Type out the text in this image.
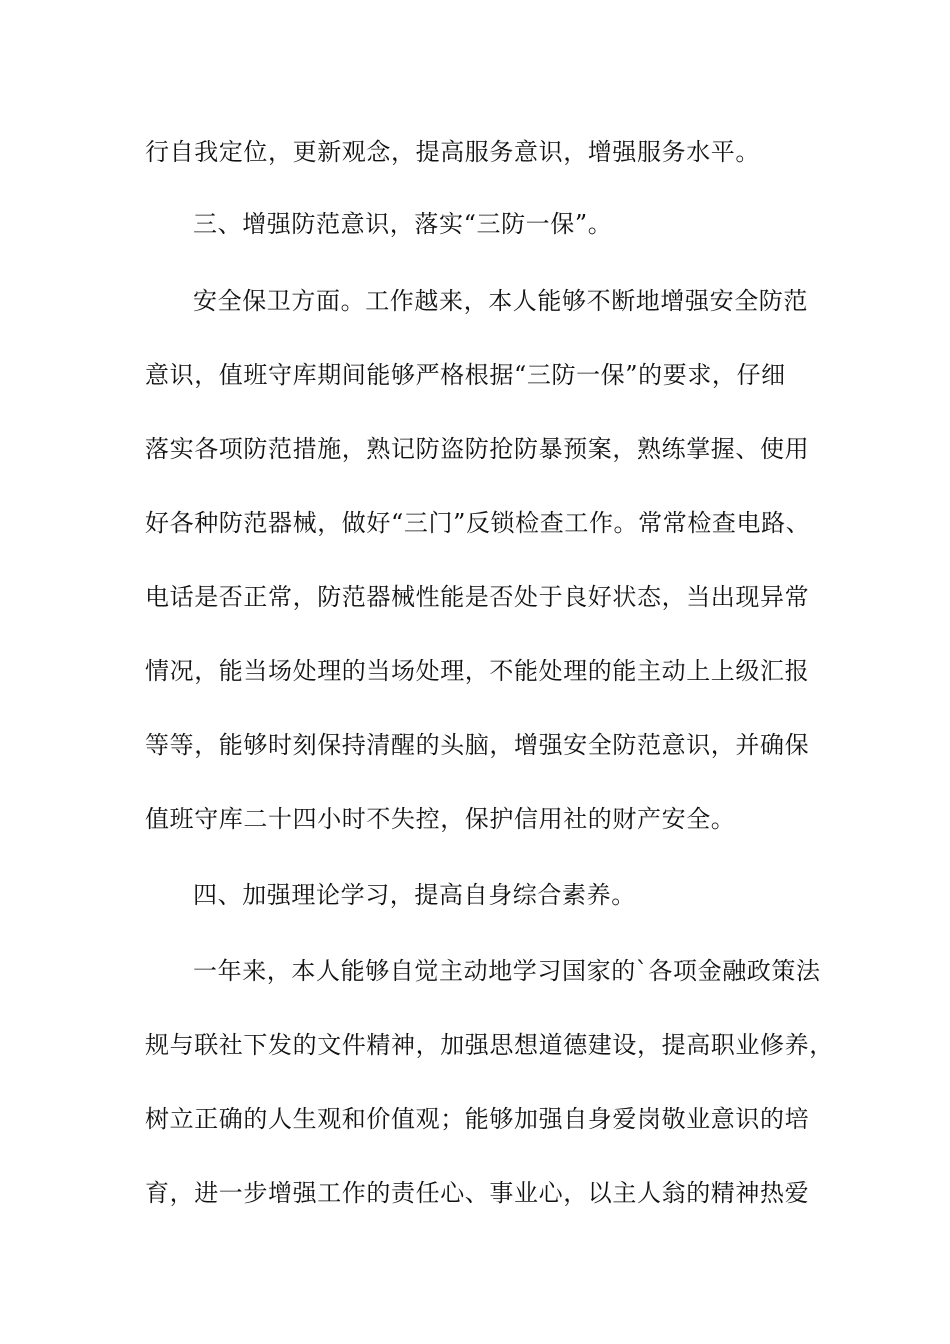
行自我定位，更新观念，提高服务意识，增强服务水平。
三、增强防范意识，落实“三防一保”。
安全保卫方面。工作越来，本人能够不断地增强安全防范
意识，值班守库期间能够严格根据“三防一保”的要求，仔细
落实各项防范措施，熟记防盗防抢防暴预案，熟练掌握、使用
好各种防范器械，做好“三门”反锁检查工作。常常检查电路、
电话是否正常，防范器械性能是否处于良好状态，当出现异常
情况，能当场处理的当场处理，不能处理的能主动上上级汇报
等等，能够时刻保持清醒的头脑，增强安全防范意识，并确保
值班守库二十四小时不失控，保护信用社的财产安全。
四、加强理论学习，提高自身综合素养。
一年来，本人能够自觉主动地学习国家的`各项金融政策法
规与联社下发的文件精神，加强思想道德建设，提高职业修养，
树立正确的人生观和价值观；能够加强自身爱岗敬业意识的培
育，进一步增强工作的责任心、事业心，以主人翁的精神热爱
